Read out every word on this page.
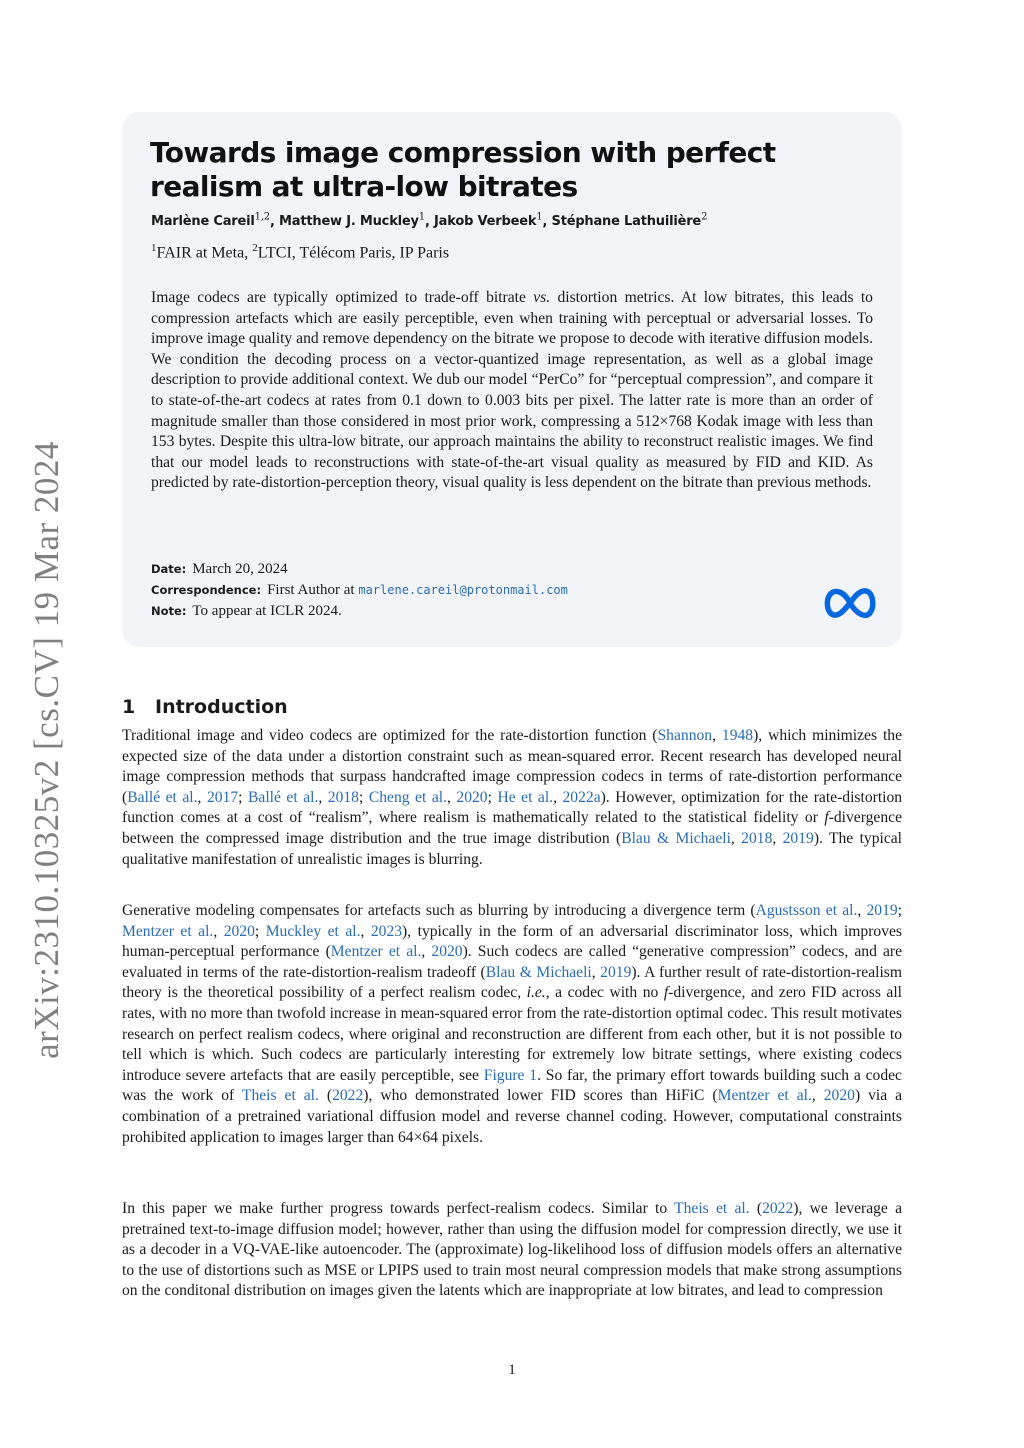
arXiv:2310.10325v2 [cs.CV] 19 Mar 2024
Towards image compression with perfect realism at ultra-low bitrates
Marlène Careil$^{1,2}$, Matthew J. Muckley$^1$, Jakob Verbeek$^1$, Stéphane Lathuilière$^2$
$^1$FAIR at Meta, $^2$LTCI, Télécom Paris, IP Paris

Image codecs are typically optimized to trade-off bitrate vs. distortion metrics. At low bitrates, this leads to compression artefacts which are easily perceptible, even when training with perceptual or adversarial losses. To improve image quality and remove dependency on the bitrate we propose to decode with iterative diffusion models. We condition the decoding process on a vector-quantized image representation, as well as a global image description to provide additional context. We dub our model “PerCo” for “perceptual compression”, and compare it to state-of-the-art codecs at rates from 0.1 down to 0.003 bits per pixel. The latter rate is more than an order of magnitude smaller than those considered in most prior work, compressing a 512×768 Kodak image with less than 153 bytes. Despite this ultra-low bitrate, our approach maintains the ability to reconstruct realistic images. We find that our model leads to reconstructions with state-of-the-art visual quality as measured by FID and KID. As predicted by rate-distortion-perception theory, visual quality is less dependent on the bitrate than previous methods.

Date: March 20, 2024
Correspondence: First Author at marlene.careil@protonmail.com
Note: To appear at ICLR 2024.
1 Introduction

Traditional image and video codecs are optimized for the rate-distortion function (Shannon, 1948), which minimizes the expected size of the data under a distortion constraint such as mean-squared error. Recent research has developed neural image compression methods that surpass handcrafted image compression codecs in terms of rate-distortion performance (Ballé et al., 2017; Ballé et al., 2018; Cheng et al., 2020; He et al., 2022a). However, optimization for the rate-distortion function comes at a cost of “realism”, where realism is mathematically related to the statistical fidelity or f-divergence between the compressed image distribution and the true image distribution (Blau & Michaeli, 2018, 2019). The typical qualitative manifestation of unrealistic images is blurring.

Generative modeling compensates for artefacts such as blurring by introducing a divergence term (Agustsson et al., 2019; Mentzer et al., 2020; Muckley et al., 2023), typically in the form of an adversarial discriminator loss, which improves human-perceptual performance (Mentzer et al., 2020). Such codecs are called “generative compression” codecs, and are evaluated in terms of the rate-distortion-realism tradeoff (Blau & Michaeli, 2019). A further result of rate-distortion-realism theory is the theoretical possibility of a perfect realism codec, i.e., a codec with no f-divergence, and zero FID across all rates, with no more than twofold increase in mean-squared error from the rate-distortion optimal codec. This result motivates research on perfect realism codecs, where original and reconstruction are different from each other, but it is not possible to tell which is which. Such codecs are particularly interesting for extremely low bitrate settings, where existing codecs introduce severe artefacts that are easily perceptible, see Figure 1. So far, the primary effort towards building such a codec was the work of Theis et al. (2022), who demonstrated lower FID scores than HiFiC (Mentzer et al., 2020) via a combination of a pretrained variational diffusion model and reverse channel coding. However, computational constraints prohibited application to images larger than 64×64 pixels.

In this paper we make further progress towards perfect-realism codecs. Similar to Theis et al. (2022), we leverage a pretrained text-to-image diffusion model; however, rather than using the diffusion model for compression directly, we use it as a decoder in a VQ-VAE-like autoencoder. The (approximate) log-likelihood loss of diffusion models offers an alternative to the use of distortions such as MSE or LPIPS used to train most neural compression models that make strong assumptions on the conditonal distribution on images given the latents which are inappropriate at low bitrates, and lead to compression

1
